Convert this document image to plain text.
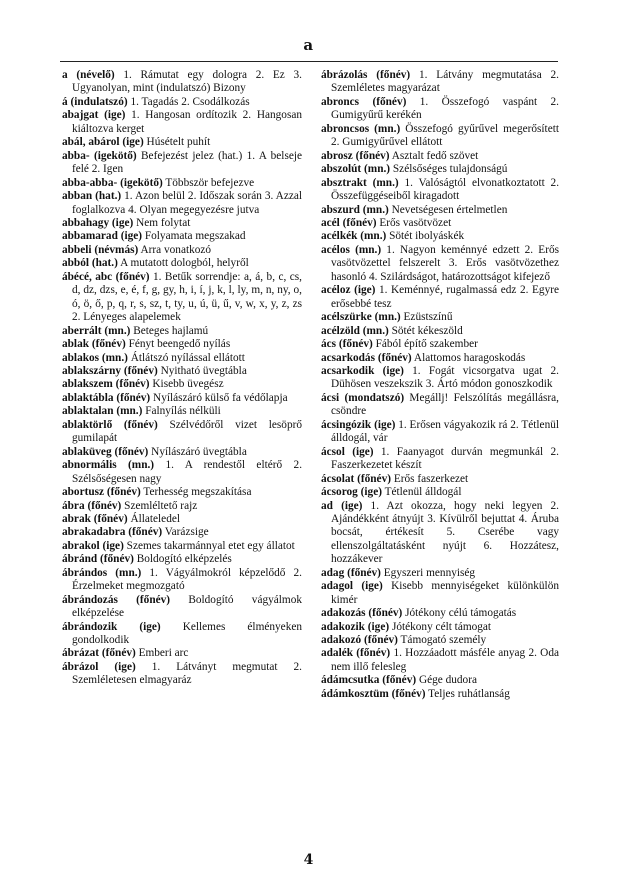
a

a (névelő) 1. Rámutat egy dologra 2. Ez 3. Ugyanolyan, mint (indulatszó) Bizony

á (indulatszó) 1. Tagadás 2. Csodálkozás

abajgat (ige) 1. Hangosan ordítozik 2. Hangosan kiáltozva kerget

abál, abárol (ige) Húsételt puhít

abba- (igekötő) Befejezést jelez (hat.) 1. A belseje felé 2. Igen

abba-abba- (igekötő) Többször befejezve

abban (hat.) 1. Azon belül 2. Időszak során 3. Azzal foglalkozva 4. Olyan megegyezésre jutva

abbahagy (ige) Nem folytat

abbamarad (ige) Folyamata megszakad

abbeli (névmás) Arra vonatkozó

abból (hat.) A mutatott dologból, helyről

ábécé, abc (főnév) 1. Betűk sorrendje: a, á, b, c, cs, d, dz, dzs, e, é, f, g, gy, h, i, í, j, k, l, ly, m, n, ny, o, ó, ö, ő, p, q, r, s, sz, t, ty, u, ú, ü, ű, v, w, x, y, z, zs 2. Lényeges alapelemek

aberrált (mn.) Beteges hajlamú

ablak (főnév) Fényt beengedő nyílás

ablakos (mn.) Átlátszó nyílással ellátott

ablakszárny (főnév) Nyitható üvegtábla

ablakszem (főnév) Kisebb üvegész

ablaktábla (főnév) Nyílászáró külső fa védőlapja

ablaktalan (mn.) Falnyílás nélküli

ablaktörlő (főnév) Szélvédőről vizet lesöprő gumilapát

ablaküveg (főnév) Nyílászáró üvegtábla

abnormális (mn.) 1. A rendestől eltérő 2. Szélsőségesen nagy

abortusz (főnév) Terhesség megszakítása

ábra (főnév) Szemléltető rajz

abrak (főnév) Állateledel

abrakadabra (főnév) Varázsige

abrakol (ige) Szemes takarmánnyal etet egy állatot

ábránd (főnév) Boldogító elképzelés

ábrándos (mn.) 1. Vágyálmokról képzelődő 2. Érzelmeket megmozgató

ábrándozás (főnév) Boldogító vágyálmok elképzelése

ábrándozik (ige) Kellemes élményeken gondolkodik

ábrázat (főnév) Emberi arc

ábrázol (ige) 1. Látványt megmutat 2. Szemléletesen elmagyaráz

ábrázolás (főnév) 1. Látvány megmutatása 2. Szemléletes magyarázat

abroncs (főnév) 1. Összefogó vaspánt 2. Gumigyűrű kerékén

abroncsos (mn.) Összefogó gyűrűvel megerősített 2. Gumigyűrűvel ellátott

abrosz (főnév) Asztalt fedő szövet

abszolút (mn.) Szélsőséges tulajdonságú

absztrakt (mn.) 1. Valóságtól elvonatkoztatott 2. Összefüggéseiből kiragadott

abszurd (mn.) Nevetségesen értelmetlen

acél (főnév) Erős vasötvözet

acélkék (mn.) Sötét ibolyáskék

acélos (mn.) 1. Nagyon keménnyé edzett 2. Erős vasötvözettel felszerelt 3. Erős vasötvözethez hasonló 4. Szilárdságot, határozottságot kifejező

acéloz (ige) 1. Keménnyé, rugalmassá edz 2. Egyre erősebbé tesz

acélszürke (mn.) Ezüstszínű

acélzöld (mn.) Sötét kékeszöld

ács (főnév) Fából építő szakember

acsarkodás (főnév) Alattomos haragoskodás

acsarkodik (ige) 1. Fogát vicsorgatva ugat 2. Dühösen veszekszik 3. Ártó módon gonoszkodik

ácsi (mondatszó) Megállj! Felszólítás megállásra, csöndre

ácsingózik (ige) 1. Erősen vágyakozik rá 2. Tétlenül álldogál, vár

ácsol (ige) 1. Faanyagot durván megmunkál 2. Faszerkezetet készít

ácsolat (főnév) Erős faszerkezet

ácsorog (ige) Tétlenül álldogál

ad (ige) 1. Azt okozza, hogy neki legyen 2. Ajándékként átnyújt 3. Kívülről bejuttat 4. Áruba bocsát, értékesít 5. Cserébe vagy ellenszolgáltatásként nyújt 6. Hozzátesz, hozzákever

adag (főnév) Egyszeri mennyiség

adagol (ige) Kisebb mennyiségeket különkülön kimér

adakozás (főnév) Jótékony célú támogatás

adakozik (ige) Jótékony célt támogat

adakozó (főnév) Támogató személy

adalék (főnév) 1. Hozzáadott másféle anyag 2. Oda nem illő felesleg

ádámcsutka (főnév) Gége dudora

ádámkosztüm (főnév) Teljes ruhátlanság

4
